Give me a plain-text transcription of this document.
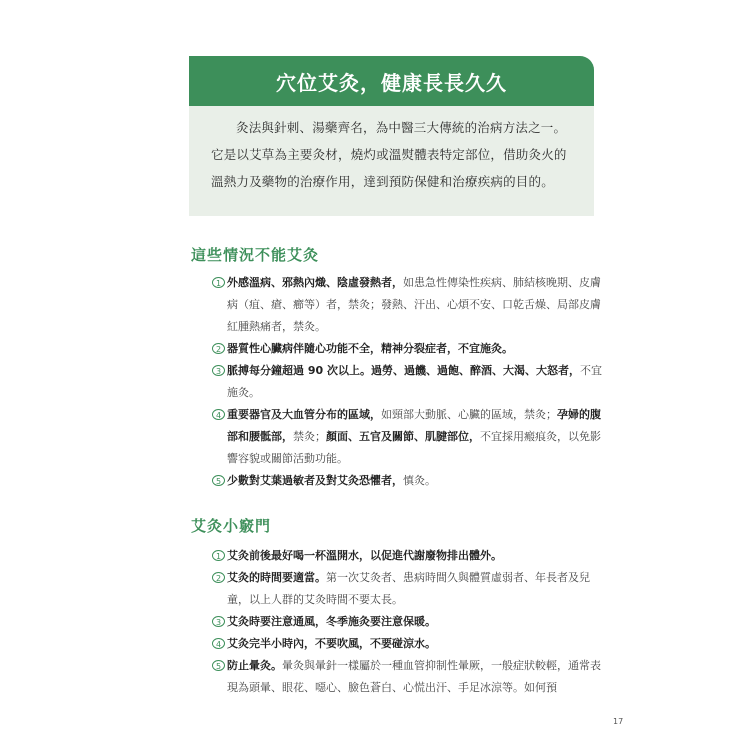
穴位艾灸，健康長長久久

灸法與針刺、湯藥齊名，為中醫三大傳統的治病方法之一。它是以艾草為主要灸材，燒灼或溫熨體表特定部位，借助灸火的溫熱力及藥物的治療作用，達到預防保健和治療疾病的目的。

這些情況不能艾灸
1 外感溫病、邪熱內熾、陰虛發熱者，如患急性傳染性疾病、肺結核晚期、皮膚病（疽、瘡、癤等）者，禁灸；發熱、汗出、心煩不安、口乾舌燥、局部皮膚紅腫熱痛者，禁灸。
2 器質性心臟病伴隨心功能不全，精神分裂症者，不宜施灸。
3 脈搏每分鐘超過 90 次以上。過勞、過饑、過飽、醉酒、大渴、大怒者，不宜施灸。
4 重要器官及大血管分布的區域，如頸部大動脈、心臟的區域，禁灸；孕婦的腹部和腰骶部，禁灸；顏面、五官及關節、肌腱部位，不宜採用瘢痕灸，以免影響容貌或關節活動功能。
5 少數對艾葉過敏者及對艾灸恐懼者，慎灸。
艾灸小竅門
1 艾灸前後最好喝一杯溫開水，以促進代謝廢物排出體外。
2 艾灸的時間要適當。第一次艾灸者、患病時間久與體質虛弱者、年長者及兒童，以上人群的艾灸時間不要太長。
3 艾灸時要注意通風，冬季施灸要注意保暖。
4 艾灸完半小時內，不要吹風，不要碰涼水。
5 防止暈灸。暈灸與暈針一樣屬於一種血管抑制性暈厥，一般症狀較輕，通常表現為頭暈、眼花、噁心、臉色蒼白、心慌出汗、手足冰涼等。如何預
17
